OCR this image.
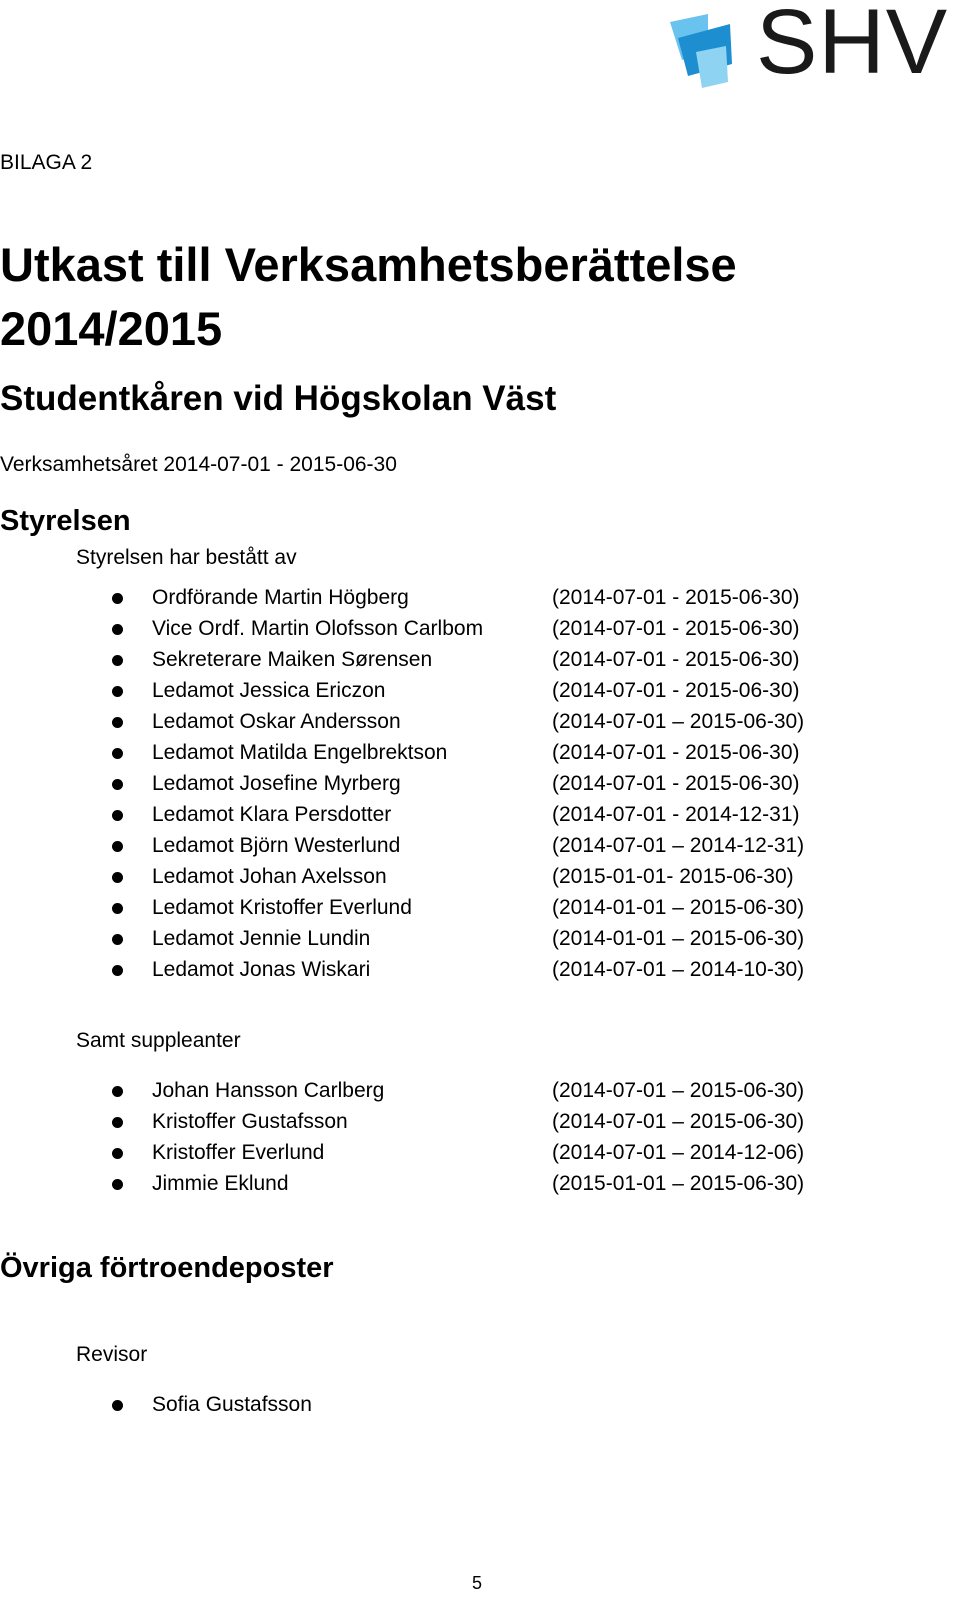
SHV
BILAGA 2
Utkast till Verksamhetsberättelse 2014/2015
Studentkåren vid Högskolan Väst
Verksamhetsåret 2014-07-01 - 2015-06-30
Styrelsen
Styrelsen har bestått av
Ordförande Martin Högberg	(2014-07-01 - 2015-06-30)
Vice Ordf. Martin Olofsson Carlbom	(2014-07-01 - 2015-06-30)
Sekreterare Maiken Sørensen	(2014-07-01 - 2015-06-30)
Ledamot Jessica Ericzon	(2014-07-01 - 2015-06-30)
Ledamot Oskar Andersson	(2014-07-01 – 2015-06-30)
Ledamot Matilda Engelbrektson	(2014-07-01 - 2015-06-30)
Ledamot Josefine Myrberg	(2014-07-01 - 2015-06-30)
Ledamot Klara Persdotter	(2014-07-01 - 2014-12-31)
Ledamot Björn Westerlund	(2014-07-01 – 2014-12-31)
Ledamot Johan Axelsson	(2015-01-01- 2015-06-30)
Ledamot Kristoffer Everlund	(2014-01-01 – 2015-06-30)
Ledamot Jennie Lundin	(2014-01-01 – 2015-06-30)
Ledamot Jonas Wiskari	(2014-07-01 – 2014-10-30)
Samt suppleanter
Johan Hansson Carlberg	(2014-07-01 – 2015-06-30)
Kristoffer Gustafsson	(2014-07-01 – 2015-06-30)
Kristoffer Everlund	(2014-07-01 – 2014-12-06)
Jimmie Eklund	(2015-01-01 – 2015-06-30)
Övriga förtroendeposter
Revisor
Sofia Gustafsson
5
